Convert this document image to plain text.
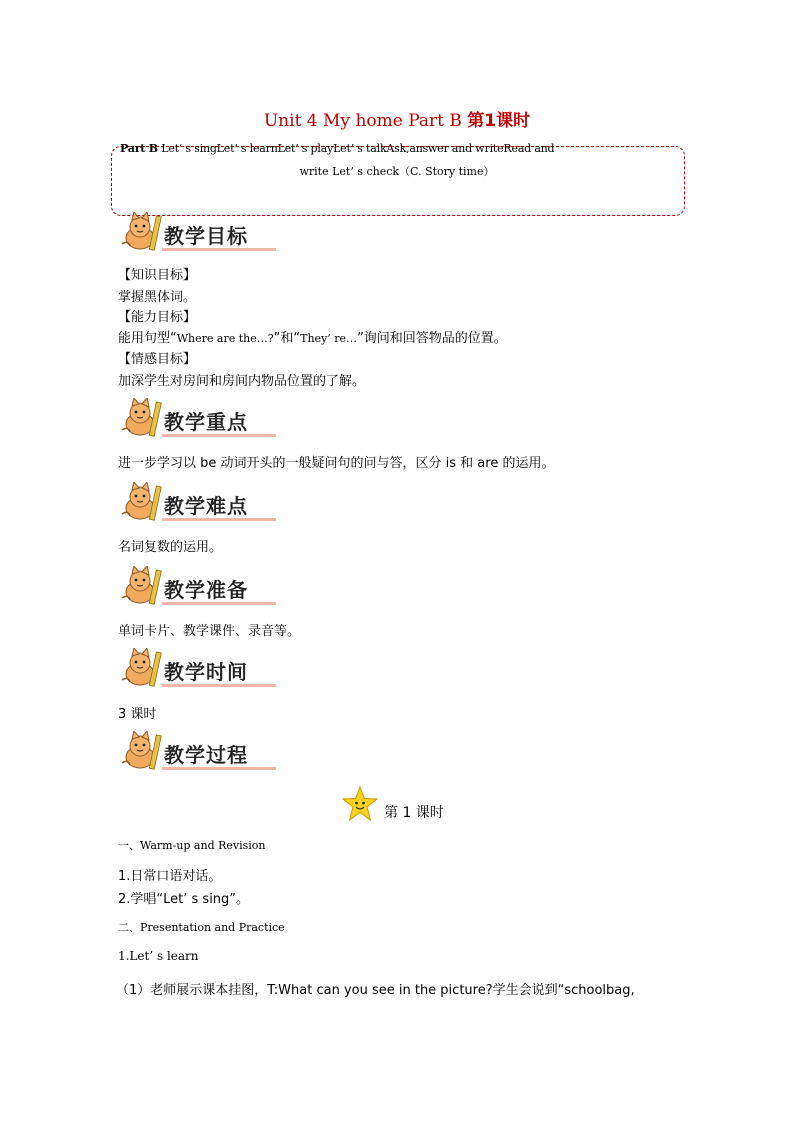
Unit 4 My home Part B 第1课时
Part B Let’ s singLet’ s learnLet’ s playLet’ s talkAsk,answer and writeRead and
write Let’ s check（C. Story time）
教学目标
【知识目标】
掌握黑体词。
【能力目标】
能用句型“Where are the…?”和“They’ re…”询问和回答物品的位置。
【情感目标】
加深学生对房间和房间内物品位置的了解。
教学重点
进一步学习以 be 动词开头的一般疑问句的问与答，区分 is 和 are 的运用。
教学难点
名词复数的运用。
教学准备
单词卡片、教学课件、录音等。
教学时间
3 课时
教学过程
第 1 课时
一、Warm-up and Revision
1.日常口语对话。
2.学唱“Let’ s sing”。
二、Presentation and Practice
1.Let’ s learn
（1）老师展示课本挂图，T:What can you see in the picture?学生会说到“schoolbag,
